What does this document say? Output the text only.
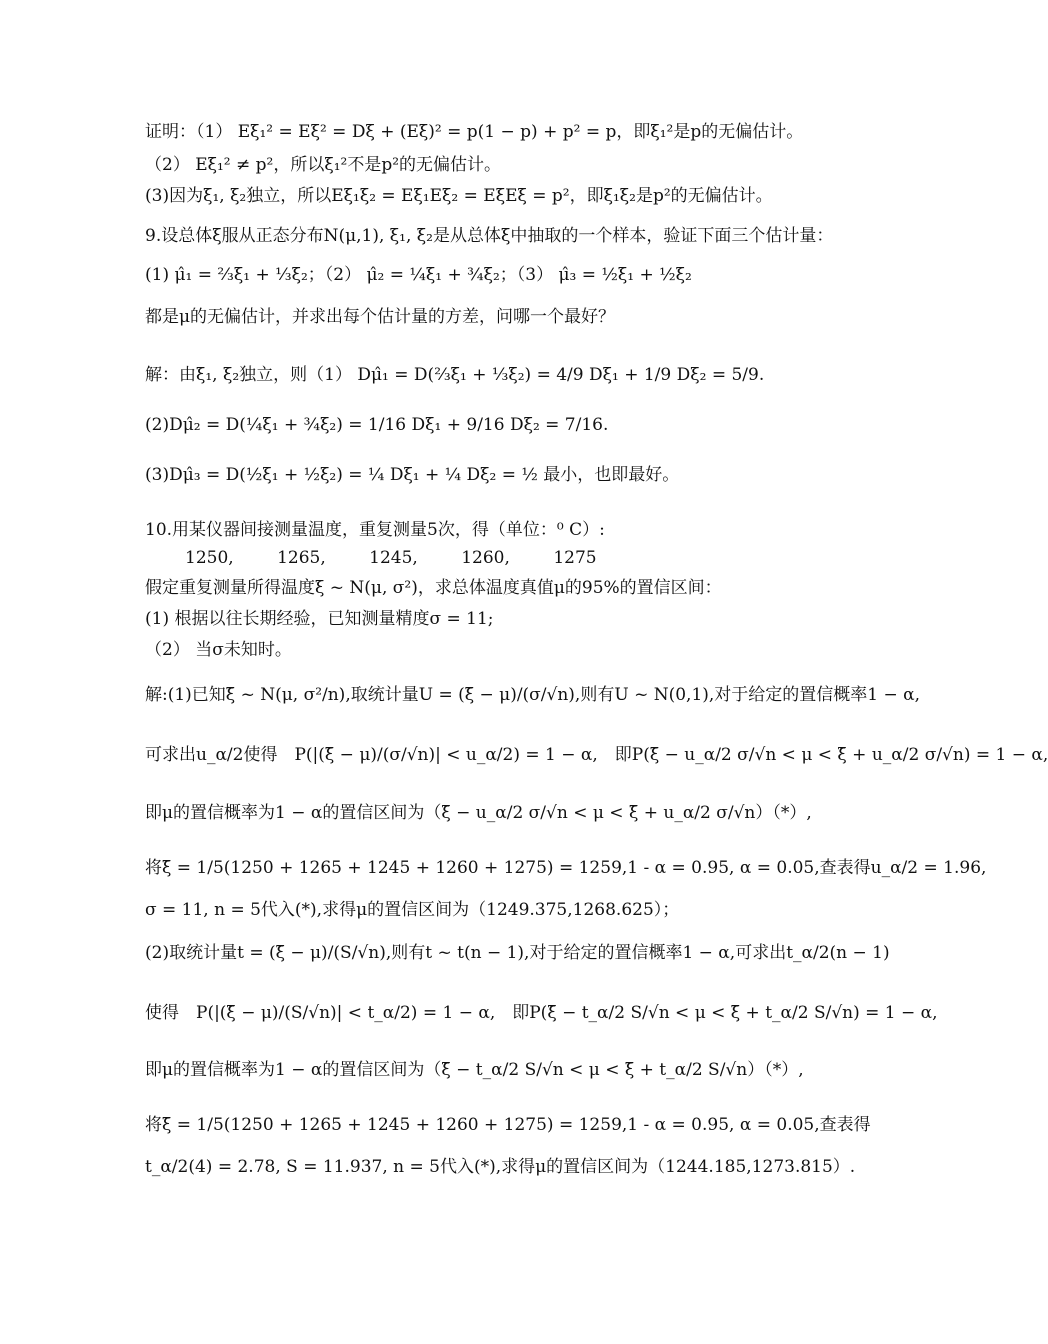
证明：（1） Eξ₁² = Eξ² = Dξ + (Eξ)² = p(1 − p) + p² = p，即ξ₁²是p的无偏估计。
（2） Eξ₁² ≠ p²，所以ξ₁²不是p²的无偏估计。
(3)因为ξ₁, ξ₂独立，所以Eξ₁ξ₂ = Eξ₁Eξ₂ = EξEξ = p²，即ξ₁ξ₂是p²的无偏估计。
9.设总体ξ服从正态分布N(μ,1), ξ₁, ξ₂是从总体ξ中抽取的一个样本，验证下面三个估计量：
(1) μ̂₁ = ⅔ξ₁ + ⅓ξ₂；（2） μ̂₂ = ¼ξ₁ + ¾ξ₂；（3） μ̂₃ = ½ξ₁ + ½ξ₂
都是μ的无偏估计，并求出每个估计量的方差，问哪一个最好？
解：由ξ₁, ξ₂独立，则（1） Dμ̂₁ = D(⅔ξ₁ + ⅓ξ₂) = 4/9 Dξ₁ + 1/9 Dξ₂ = 5/9.
(2)Dμ̂₂ = D(¼ξ₁ + ¾ξ₂) = 1/16 Dξ₁ + 9/16 Dξ₂ = 7/16.
(3)Dμ̂₃ = D(½ξ₁ + ½ξ₂) = ¼ Dξ₁ + ¼ Dξ₂ = ½ 最小，也即最好。
10.用某仪器间接测量温度，重复测量5次，得（单位：⁰ C）:
1250,	1265,	1245,	1260,	1275
假定重复测量所得温度ξ ~ N(μ, σ²)，求总体温度真值μ的95%的置信区间：
(1) 根据以往长期经验，已知测量精度σ = 11;
（2） 当σ未知时。
解:(1)已知ξ̄ ~ N(μ, σ²/n),取统计量U = (ξ̄ − μ)/(σ/√n),则有U ~ N(0,1),对于给定的置信概率1 − α,
可求出u_α/2使得　P(|(ξ̄ − μ)/(σ/√n)| < u_α/2) = 1 − α,　即P(ξ̄ − u_α/2 σ/√n < μ < ξ̄ + u_α/2 σ/√n) = 1 − α,
即μ的置信概率为1 − α的置信区间为（ξ̄ − u_α/2 σ/√n < μ < ξ̄ + u_α/2 σ/√n）（*）,
将ξ̄ = 1/5(1250 + 1265 + 1245 + 1260 + 1275) = 1259,1 - α = 0.95, α = 0.05,查表得u_α/2 = 1.96,
σ = 11, n = 5代入(*),求得μ的置信区间为（1249.375,1268.625）；
(2)取统计量t = (ξ̄ − μ)/(S/√n),则有t ~ t(n − 1),对于给定的置信概率1 − α,可求出t_α/2(n − 1)
使得　P(|(ξ̄ − μ)/(S/√n)| < t_α/2) = 1 − α,　即P(ξ̄ − t_α/2 S/√n < μ < ξ̄ + t_α/2 S/√n) = 1 − α,
即μ的置信概率为1 − α的置信区间为（ξ̄ − t_α/2 S/√n < μ < ξ̄ + t_α/2 S/√n）（*）,
将ξ̄ = 1/5(1250 + 1265 + 1245 + 1260 + 1275) = 1259,1 - α = 0.95, α = 0.05,查表得
t_α/2(4) = 2.78, S = 11.937, n = 5代入(*),求得μ的置信区间为（1244.185,1273.815）.
